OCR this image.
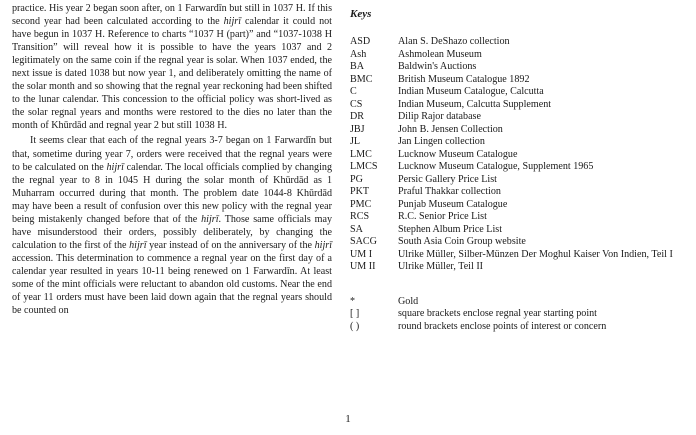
practice. His year 2 began soon after, on 1 Farwardīn but still in 1037 H. If this second year had been calculated according to the hijrī calendar it could not have begun in 1037 H. Reference to charts “1037 H (part)” and “1037-1038 H Transition” will reveal how it is possible to have the years 1037 and 2 legitimately on the same coin if the regnal year is solar. When 1037 ended, the next issue is dated 1038 but now year 1, and deliberately omitting the name of the solar month and so showing that the regnal year reckoning had been shifted to the lunar calendar. This concession to the official policy was short-lived as the solar regnal years and months were restored to the dies no later than the month of Khūrdād and regnal year 2 but still 1038 H.

It seems clear that each of the regnal years 3-7 began on 1 Farwardīn but that, sometime during year 7, orders were received that the regnal years were to be calculated on the hijrī calendar. The local officials complied by changing the regnal year to 8 in 1045 H during the solar month of Khūrdād as 1 Muharram occurred during that month. The problem date 1044-8 Khūrdād may have been a result of confusion over this new policy with the regnal year being mistakenly changed before that of the hijrī. Those same officials may have misunderstood their orders, possibly deliberately, by changing the calculation to the first of the hijrī year instead of on the anniversary of the hijrī accession. This determination to commence a regnal year on the first day of a calendar year resulted in years 10-11 being renewed on 1 Farwardīn. At least some of the mint officials were reluctant to abandon old customs. Near the end of year 11 orders must have been laid down again that the regnal years should be counted on

Keys
ASD	Alan S. DeShazo collection
Ash	Ashmolean Museum
BA	Baldwin's Auctions
BMC	British Museum Catalogue 1892
C	Indian Museum Catalogue, Calcutta
CS	Indian Museum, Calcutta Supplement
DR	Dilip Rajor database
JBJ	John B. Jensen Collection
JL	Jan Lingen collection
LMC	Lucknow Museum Catalogue
LMCS	Lucknow Museum Catalogue, Supplement 1965
PG	Persic Gallery Price List
PKT	Praful Thakkar collection
PMC	Punjab Museum Catalogue
RCS	R.C. Senior Price List
SA	Stephen Album Price List
SACG	South Asia Coin Group website
UM I	Ulrike Müller, Silber-Münzen Der Moghul Kaiser Von Indien, Teil I
UM II	Ulrike Müller, Teil II
*	Gold
[ ]	square brackets enclose regnal year starting point
( )	round brackets enclose points of interest or concern
1
